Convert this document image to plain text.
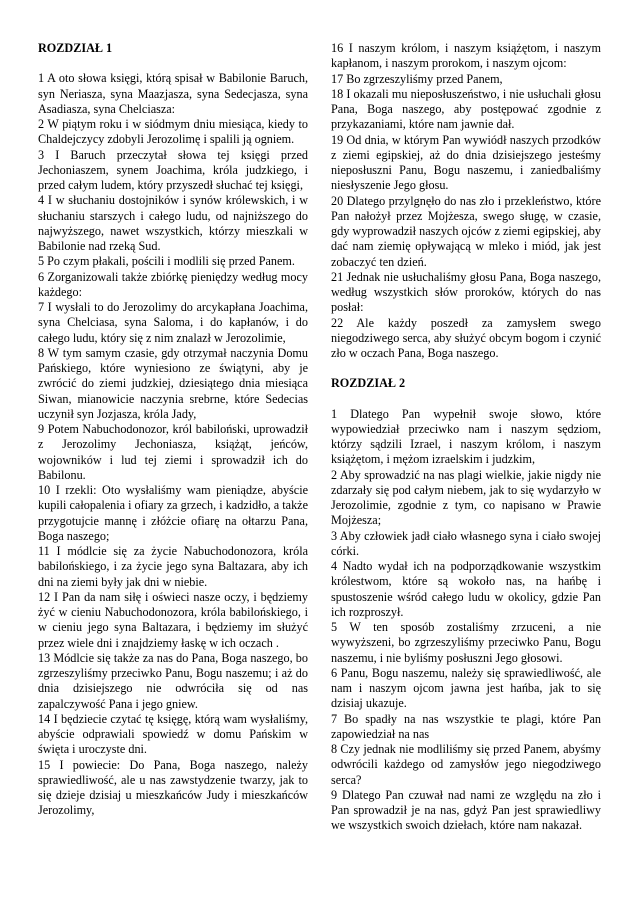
ROZDZIAŁ 1

1 A oto słowa księgi, którą spisał w Babilonie Baruch, syn Neriasza, syna Maazjasza, syna Sedecjasza, syna Asadiasza, syna Chelciasza:

2 W piątym roku i w siódmym dniu miesiąca, kiedy to Chaldejczycy zdobyli Jerozolimę i spalili ją ogniem.

3 I Baruch przeczytał słowa tej księgi przed Jechoniaszem, synem Joachima, króla judzkiego, i przed całym ludem, który przyszedł słuchać tej księgi,

4 I w słuchaniu dostojników i synów królewskich, i w słuchaniu starszych i całego ludu, od najniższego do najwyższego, nawet wszystkich, którzy mieszkali w Babilonie nad rzeką Sud.

5 Po czym płakali, pościli i modlili się przed Panem.

6 Zorganizowali także zbiórkę pieniędzy według mocy każdego:

7 I wysłali to do Jerozolimy do arcykapłana Joachima, syna Chelciasa, syna Saloma, i do kapłanów, i do całego ludu, który się z nim znalazł w Jerozolimie,

8 W tym samym czasie, gdy otrzymał naczynia Domu Pańskiego, które wyniesiono ze świątyni, aby je zwrócić do ziemi judzkiej, dziesiątego dnia miesiąca Siwan, mianowicie naczynia srebrne, które Sedecias uczynił syn Jozjasza, króla Jady,

9 Potem Nabuchodonozor, król babiloński, uprowadził z Jerozolimy Jechoniasza, książąt, jeńców, wojowników i lud tej ziemi i sprowadził ich do Babilonu.

10 I rzekli: Oto wysłaliśmy wam pieniądze, abyście kupili całopalenia i ofiary za grzech, i kadzidło, a także przygotujcie mannę i złóżcie ofiarę na ołtarzu Pana, Boga naszego;

11 I módlcie się za życie Nabuchodonozora, króla babilońskiego, i za życie jego syna Baltazara, aby ich dni na ziemi były jak dni w niebie.

12 I Pan da nam siłę i oświeci nasze oczy, i będziemy żyć w cieniu Nabuchodonozora, króla babilońskiego, i w cieniu jego syna Baltazara, i będziemy im służyć przez wiele dni i znajdziemy łaskę w ich oczach .

13 Módlcie się także za nas do Pana, Boga naszego, bo zgrzeszyliśmy przeciwko Panu, Bogu naszemu; i aż do dnia dzisiejszego nie odwróciła się od nas zapalczywość Pana i jego gniew.

14 I będziecie czytać tę księgę, którą wam wysłaliśmy, abyście odprawiali spowiedź w domu Pańskim w święta i uroczyste dni.

15 I powiecie: Do Pana, Boga naszego, należy sprawiedliwość, ale u nas zawstydzenie twarzy, jak to się dzieje dzisiaj u mieszkańców Judy i mieszkańców Jerozolimy,

16 I naszym królom, i naszym książętom, i naszym kapłanom, i naszym prorokom, i naszym ojcom:

17 Bo zgrzeszyliśmy przed Panem,

18 I okazali mu nieposłuszeństwo, i nie usłuchali głosu Pana, Boga naszego, aby postępować zgodnie z przykazaniami, które nam jawnie dał.

19 Od dnia, w którym Pan wywiódł naszych przodków z ziemi egipskiej, aż do dnia dzisiejszego jesteśmy nieposłuszni Panu, Bogu naszemu, i zaniedbaliśmy niesłyszenie Jego głosu.

20 Dlatego przylgnęło do nas zło i przekleństwo, które Pan nałożył przez Mojżesza, swego sługę, w czasie, gdy wyprowadził naszych ojców z ziemi egipskiej, aby dać nam ziemię opływającą w mleko i miód, jak jest zobaczyć ten dzień.

21 Jednak nie usłuchaliśmy głosu Pana, Boga naszego, według wszystkich słów proroków, których do nas posłał:

22 Ale każdy poszedł za zamysłem swego niegodziwego serca, aby służyć obcym bogom i czynić zło w oczach Pana, Boga naszego.

ROZDZIAŁ 2

1 Dlatego Pan wypełnił swoje słowo, które wypowiedział przeciwko nam i naszym sędziom, którzy sądzili Izrael, i naszym królom, i naszym książętom, i mężom izraelskim i judzkim,

2 Aby sprowadzić na nas plagi wielkie, jakie nigdy nie zdarzały się pod całym niebem, jak to się wydarzyło w Jerozolimie, zgodnie z tym, co napisano w Prawie Mojżesza;

3 Aby człowiek jadł ciało własnego syna i ciało swojej córki.

4 Nadto wydał ich na podporządkowanie wszystkim królestwom, które są wokoło nas, na hańbę i spustoszenie wśród całego ludu w okolicy, gdzie Pan ich rozproszył.

5 W ten sposób zostaliśmy zrzuceni, a nie wywyższeni, bo zgrzeszyliśmy przeciwko Panu, Bogu naszemu, i nie byliśmy posłuszni Jego głosowi.

6 Panu, Bogu naszemu, należy się sprawiedliwość, ale nam i naszym ojcom jawna jest hańba, jak to się dzisiaj ukazuje.

7 Bo spadły na nas wszystkie te plagi, które Pan zapowiedział na nas

8 Czy jednak nie modliliśmy się przed Panem, abyśmy odwrócili każdego od zamysłów jego niegodziwego serca?

9 Dlatego Pan czuwał nad nami ze względu na zło i Pan sprowadził je na nas, gdyż Pan jest sprawiedliwy we wszystkich swoich dziełach, które nam nakazał.
